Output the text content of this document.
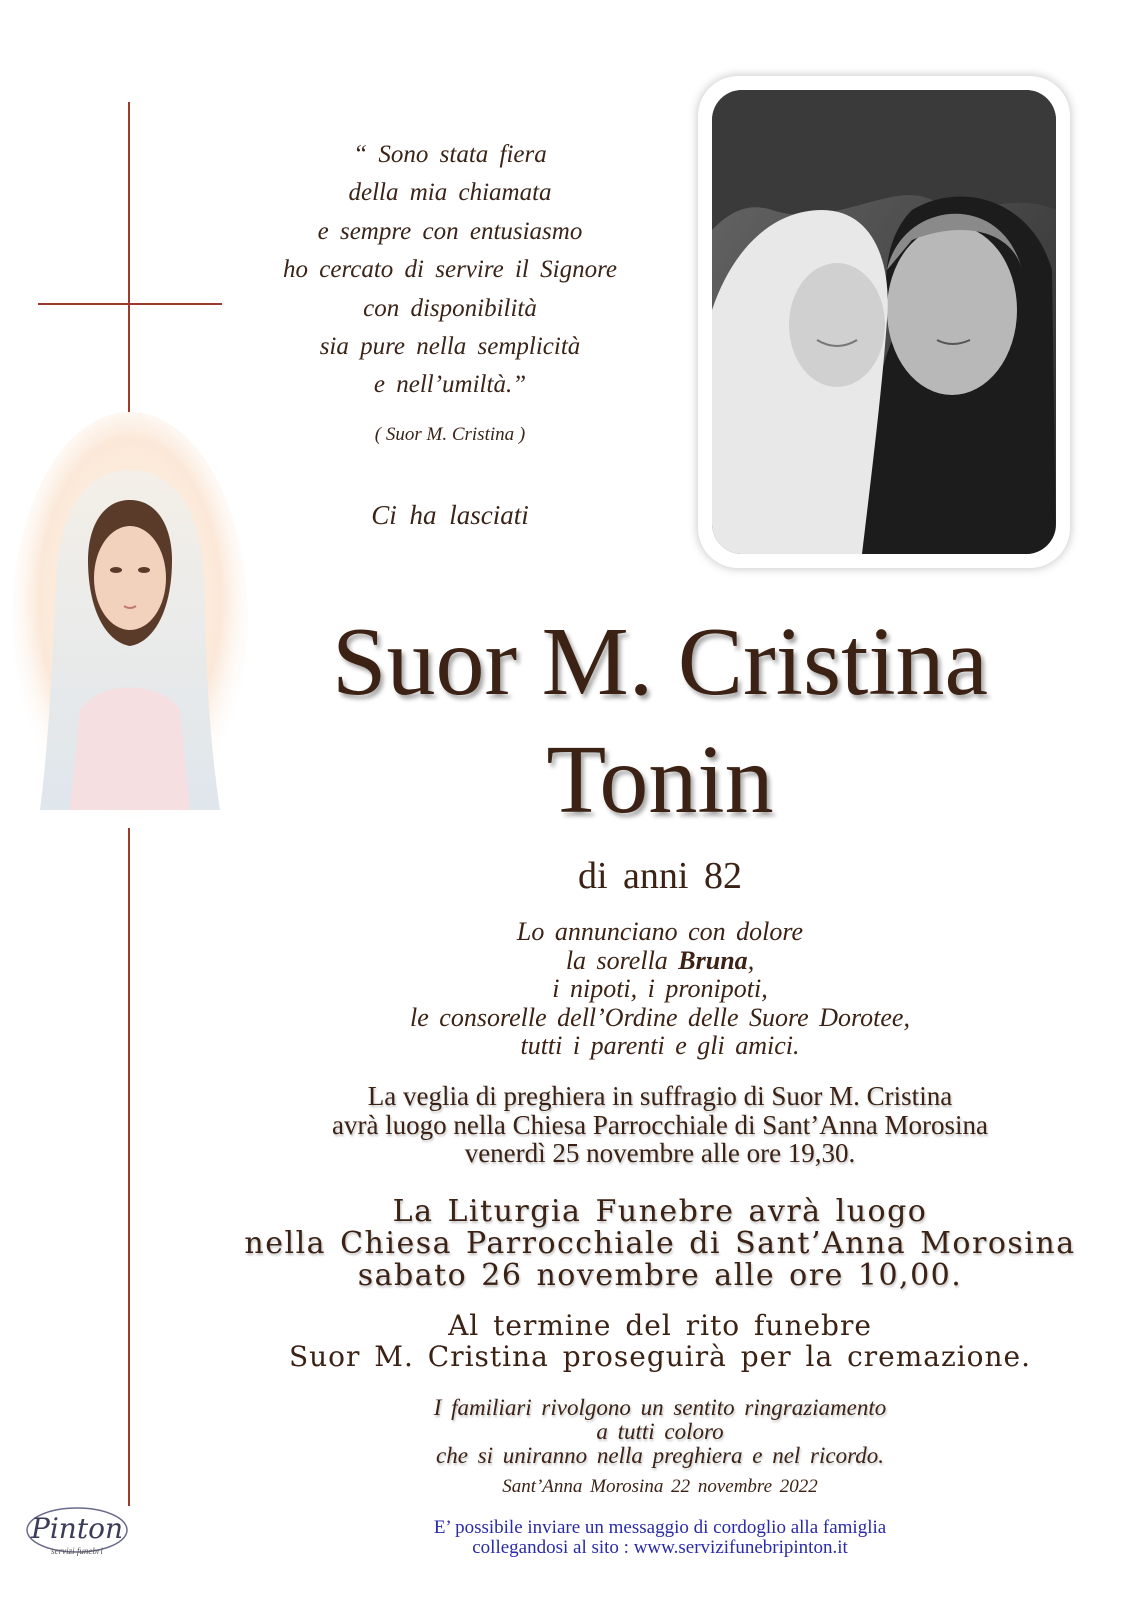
“ Sono stata fiera
della mia chiamata
e sempre con entusiasmo
ho cercato di servire il Signore
con disponibilità
sia pure nella semplicità
e nell’umiltà.”
( Suor M. Cristina )
Ci ha lasciati
Suor M. Cristina
Tonin
di anni 82
Lo annunciano con dolore
la sorella Bruna,
i nipoti, i pronipoti,
le consorelle dell’Ordine delle Suore Dorotee,
tutti i parenti e gli amici.
La veglia di preghiera in suffragio di Suor M. Cristina
avrà luogo nella Chiesa Parrocchiale di Sant’Anna Morosina
venerdì 25 novembre alle ore 19,30.
La Liturgia Funebre avrà luogo
nella Chiesa Parrocchiale di Sant’Anna Morosina
sabato 26 novembre alle ore 10,00.
Al termine del rito funebre
Suor M. Cristina proseguirà per la cremazione.
I familiari rivolgono un sentito ringraziamento
a tutti coloro
che si uniranno nella preghiera e nel ricordo.
Sant’Anna Morosina 22 novembre 2022
E’ possibile inviare un messaggio di cordoglio alla famiglia
collegandosi al sito : www.servizifunebripinton.it
Pinton
servizi funebri
